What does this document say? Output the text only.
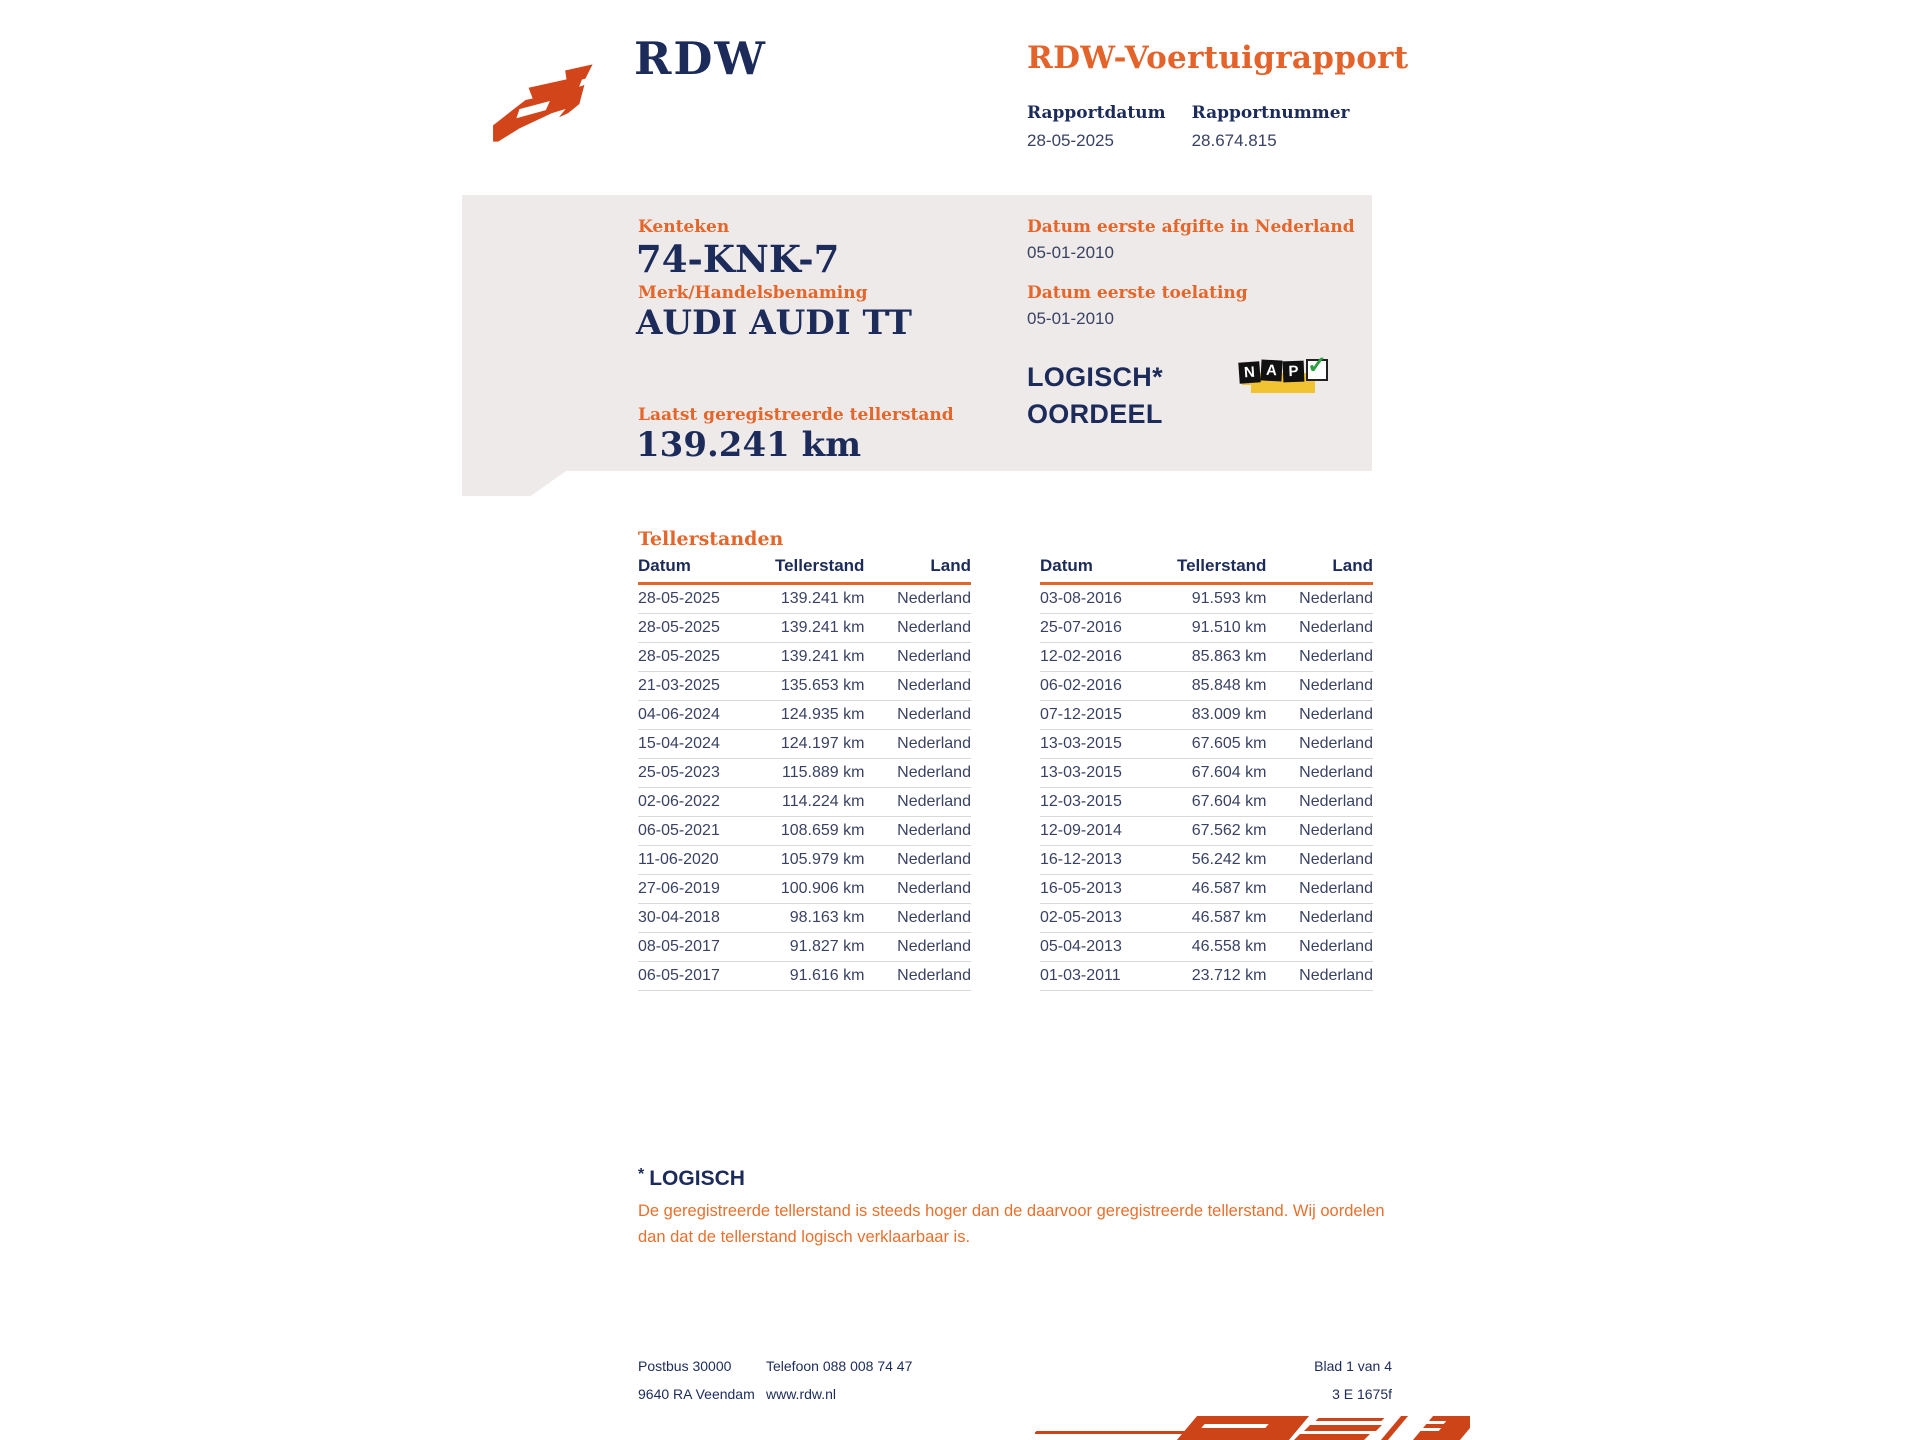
RDW	RDW-Voertuigrapport
Rapportdatum
28-05-2025
Rapportnummer
28.674.815
Kenteken
74-KNK-7
Merk/Handelsbenaming
AUDI AUDI TT
Laatst geregistreerde tellerstand
139.241 km
Datum eerste afgifte in Nederland
05-01-2010
Datum eerste toelating
05-01-2010
LOGISCH*
OORDEEL
N A P ✓
Tellerstanden
Datum	Tellerstand	Land
28-05-2025	139.241 km	Nederland
28-05-2025	139.241 km	Nederland
28-05-2025	139.241 km	Nederland
21-03-2025	135.653 km	Nederland
04-06-2024	124.935 km	Nederland
15-04-2024	124.197 km	Nederland
25-05-2023	115.889 km	Nederland
02-06-2022	114.224 km	Nederland
06-05-2021	108.659 km	Nederland
11-06-2020	105.979 km	Nederland
27-06-2019	100.906 km	Nederland
30-04-2018	98.163 km	Nederland
08-05-2017	91.827 km	Nederland
06-05-2017	91.616 km	Nederland
Datum	Tellerstand	Land
03-08-2016	91.593 km	Nederland
25-07-2016	91.510 km	Nederland
12-02-2016	85.863 km	Nederland
06-02-2016	85.848 km	Nederland
07-12-2015	83.009 km	Nederland
13-03-2015	67.605 km	Nederland
13-03-2015	67.604 km	Nederland
12-03-2015	67.604 km	Nederland
12-09-2014	67.562 km	Nederland
16-12-2013	56.242 km	Nederland
16-05-2013	46.587 km	Nederland
02-05-2013	46.587 km	Nederland
05-04-2013	46.558 km	Nederland
01-03-2011	23.712 km	Nederland
* LOGISCH

De geregistreerde tellerstand is steeds hoger dan de daarvoor geregistreerde tellerstand. Wij oordelen dan dat de tellerstand logisch verklaarbaar is.

Postbus 30000
9640 RA Veendam
Telefoon 088 008 74 47
www.rdw.nl
Blad 1 van 4
3 E 1675f
